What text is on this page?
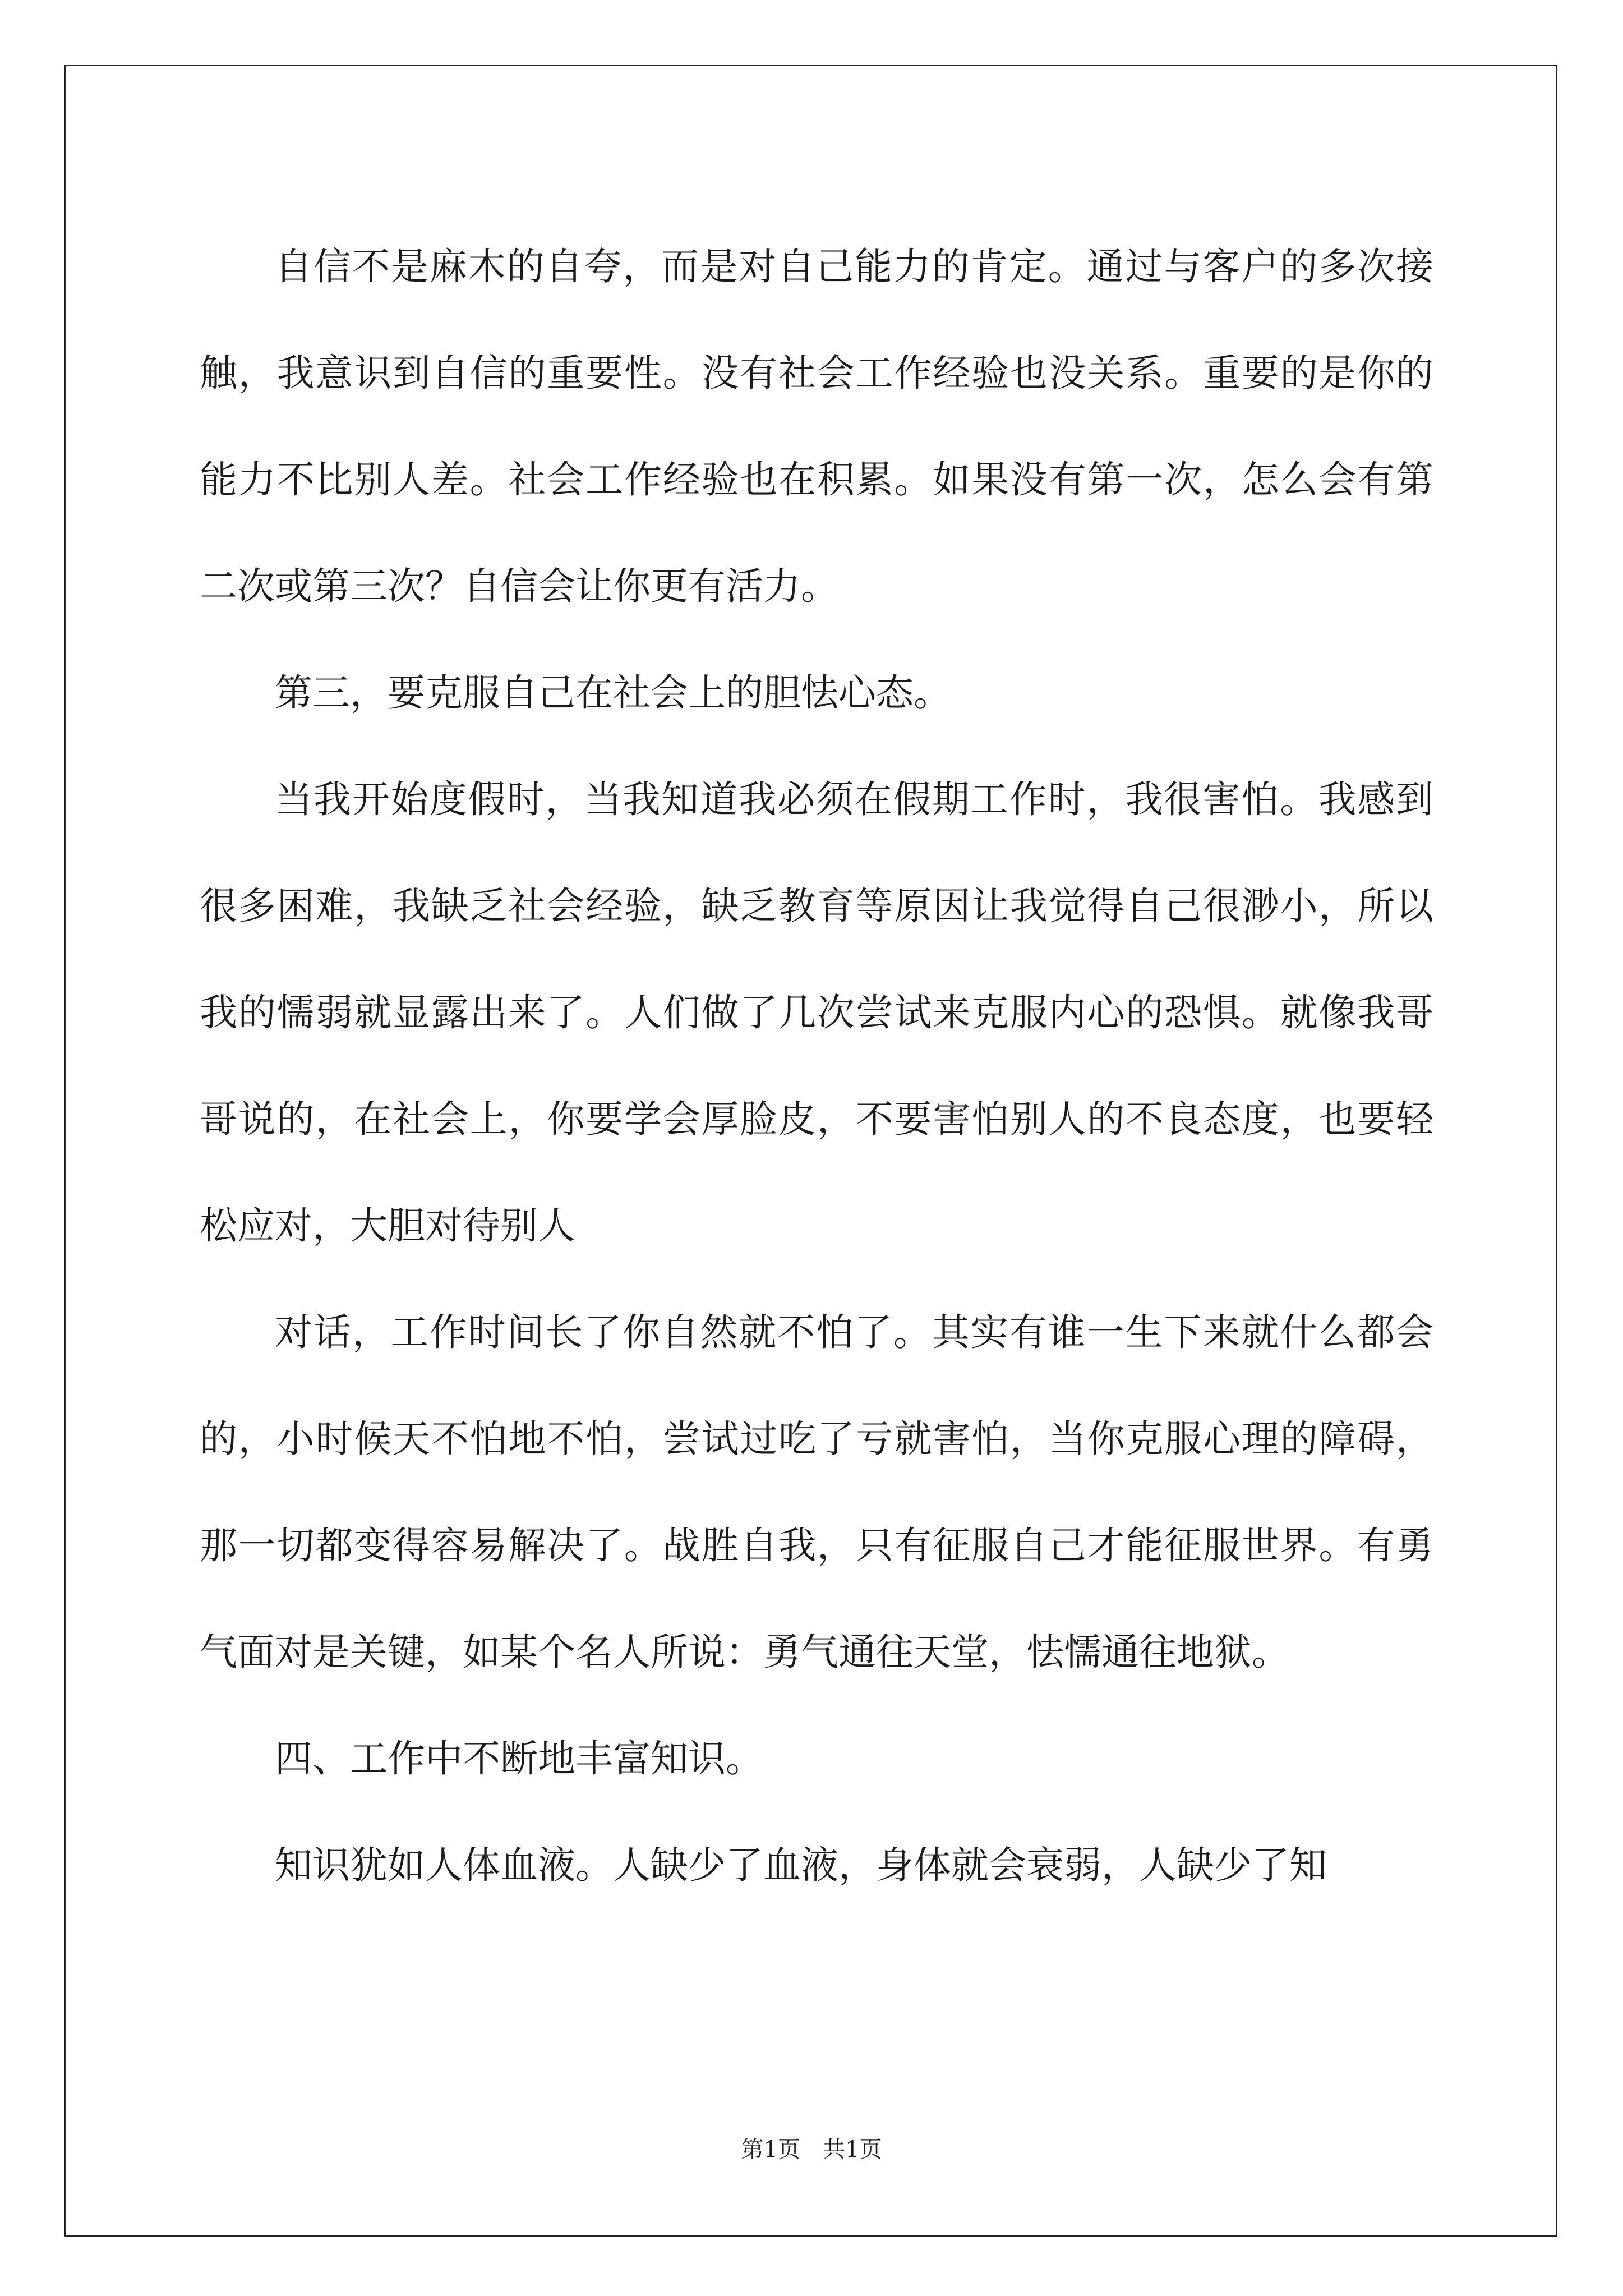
自信不是麻木的自夸，而是对自己能力的肯定。通过与客户的多次接触，我意识到自信的重要性。没有社会工作经验也没关系。重要的是你的能力不比别人差。社会工作经验也在积累。如果没有第一次，怎么会有第二次或第三次？自信会让你更有活力。

第三，要克服自己在社会上的胆怯心态。

当我开始度假时，当我知道我必须在假期工作时，我很害怕。我感到很多困难，我缺乏社会经验，缺乏教育等原因让我觉得自己很渺小，所以我的懦弱就显露出来了。人们做了几次尝试来克服内心的恐惧。就像我哥哥说的，在社会上，你要学会厚脸皮，不要害怕别人的不良态度，也要轻松应对，大胆对待别人

对话，工作时间长了你自然就不怕了。其实有谁一生下来就什么都会的，小时候天不怕地不怕，尝试过吃了亏就害怕，当你克服心理的障碍，那一切都变得容易解决了。战胜自我，只有征服自己才能征服世界。有勇气面对是关键，如某个名人所说：勇气通往天堂，怯懦通往地狱。

四、工作中不断地丰富知识。

知识犹如人体血液。人缺少了血液，身体就会衰弱，人缺少了知

第1页 共1页
